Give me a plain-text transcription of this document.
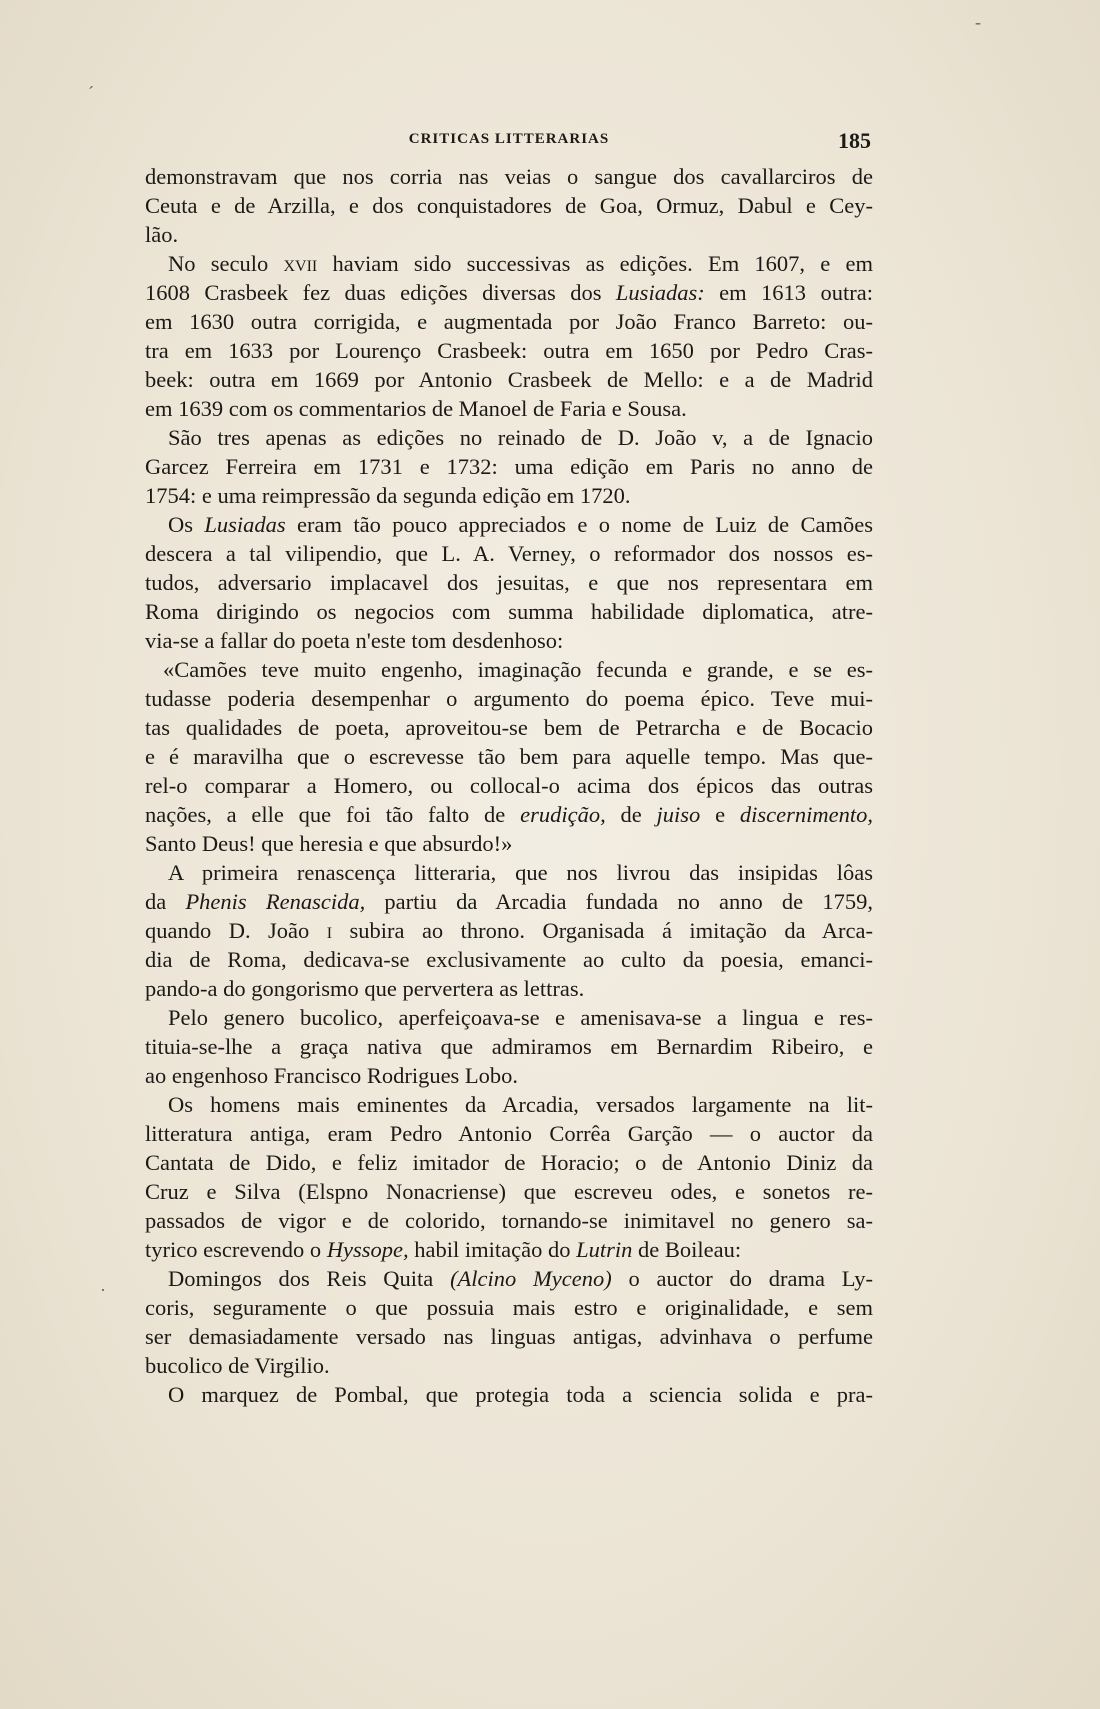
´
-
·
CRITICAS LITTERARIAS	185
demonstravam que nos corria nas veias o sangue dos cavallarciros de
Ceuta e de Arzilla, e dos conquistadores de Goa, Ormuz, Dabul e Cey-
lão.
No seculo xvii haviam sido successivas as edições. Em 1607, e em
1608 Crasbeek fez duas edições diversas dos Lusiadas: em 1613 outra:
em 1630 outra corrigida, e augmentada por João Franco Barreto: ou-
tra em 1633 por Lourenço Crasbeek: outra em 1650 por Pedro Cras-
beek: outra em 1669 por Antonio Crasbeek de Mello: e a de Madrid
em 1639 com os commentarios de Manoel de Faria e Sousa.
São tres apenas as edições no reinado de D. João v, a de Ignacio
Garcez Ferreira em 1731 e 1732: uma edição em Paris no anno de
1754: e uma reimpressão da segunda edição em 1720.
Os Lusiadas eram tão pouco appreciados e o nome de Luiz de Camões
descera a tal vilipendio, que L. A. Verney, o reformador dos nossos es-
tudos, adversario implacavel dos jesuitas, e que nos representara em
Roma dirigindo os negocios com summa habilidade diplomatica, atre-
via-se a fallar do poeta n'este tom desdenhoso:
«Camões teve muito engenho, imaginação fecunda e grande, e se es-
tudasse poderia desempenhar o argumento do poema épico. Teve mui-
tas qualidades de poeta, aproveitou-se bem de Petrarcha e de Bocacio
e é maravilha que o escrevesse tão bem para aquelle tempo. Mas que-
rel-o comparar a Homero, ou collocal-o acima dos épicos das outras
nações, a elle que foi tão falto de erudição, de juiso e discernimento,
Santo Deus! que heresia e que absurdo!»
A primeira renascença litteraria, que nos livrou das insipidas lôas
da Phenis Renascida, partiu da Arcadia fundada no anno de 1759,
quando D. João i subira ao throno. Organisada á imitação da Arca-
dia de Roma, dedicava-se exclusivamente ao culto da poesia, emanci-
pando-a do gongorismo que pervertera as lettras.
Pelo genero bucolico, aperfeiçoava-se e amenisava-se a lingua e res-
tituia-se-lhe a graça nativa que admiramos em Bernardim Ribeiro, e
ao engenhoso Francisco Rodrigues Lobo.
Os homens mais eminentes da Arcadia, versados largamente na lit-
litteratura antiga, eram Pedro Antonio Corrêa Garção — o auctor da
Cantata de Dido, e feliz imitador de Horacio; o de Antonio Diniz da
Cruz e Silva (Elspno Nonacriense) que escreveu odes, e sonetos re-
passados de vigor e de colorido, tornando-se inimitavel no genero sa-
tyrico escrevendo o Hyssope, habil imitação do Lutrin de Boileau:
Domingos dos Reis Quita (Alcino Myceno) o auctor do drama Ly-
coris, seguramente o que possuia mais estro e originalidade, e sem
ser demasiadamente versado nas linguas antigas, advinhava o perfume
bucolico de Virgilio.
O marquez de Pombal, que protegia toda a sciencia solida e pra-
